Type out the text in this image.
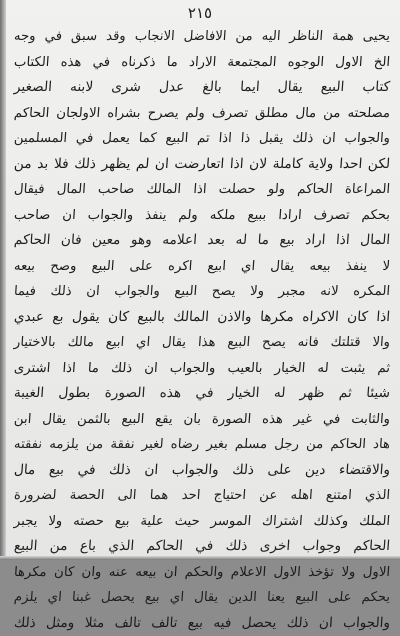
٢١٥
يحيى همة الناظر اليه من الافاضل الانجاب وقد سبق في وجه
الخ الاول الوجوه المجتمعة الاراد ما ذكرناه في هذه الكتاب
كتاب البيع يقال ايما بالغ عدل شرى لابنه الصغير
مصلحته من مال مطلق تصرف ولم يصرح بشراه الاولجان الحاكم
والجواب ان ذلك يقبل ذا اذا تم البيع كما يعمل في المسلمين
لكن احدا ولاية كاملة لان اذا اتعارضت ان لم يظهر ذلك فلا بد من
المراعاة الحاكم ولو حصلت اذا المالك صاحب المال فيقال
بحكم تصرف ارادا ببيع ملكه ولم ينفذ والجواب ان صاحب
المال اذا اراد بيع ما له بعد اعلامه وهو معين فان الحاكم
لا ينفذ بيعه يقال اي ابيع اكره على البيع وصح بيعه
المكره لانه مجبر ولا يصح البيع والجواب ان ذلك فيما
اذا كان الاكراه مكرها والاذن المالك بالبيع كان يقول بع عبدي
والا قتلتك فانه يصح البيع هذا يقال اي ابيع مالك بالاختيار
ثم يثبت له الخيار بالعيب والجواب ان ذلك ما اذا اشترى
شيئا ثم ظهر له الخيار في هذه الصورة بطول الغيبة
والثابت في غير هذه الصورة بان يقع البيع بالثمن يقال ابن
هاد الحاكم من رجل مسلم بغير رضاه لغير نفقة من يلزمه نفقته
والاقتضاء دين على ذلك والجواب ان ذلك في بيع مال
الذي امتنع اهله عن احتياج احد هما الى الحصة لضرورة
الملك وكذلك اشتراك الموسر حيث علية بيع حصته ولا يجبر
الحاكم وجواب اخرى ذلك في الحاكم الذي باع من البيع
الاول ولا تؤخذ الاول الاعلام والحكم ان بيعه عنه وان كان مكرها
يحكم على البيع يعنا الدين يقال اي بيع يحصل غبنا اي يلزم
والجواب ان ذلك يحصل فيه بيع تالف تالف مثلا ومثل ذلك
